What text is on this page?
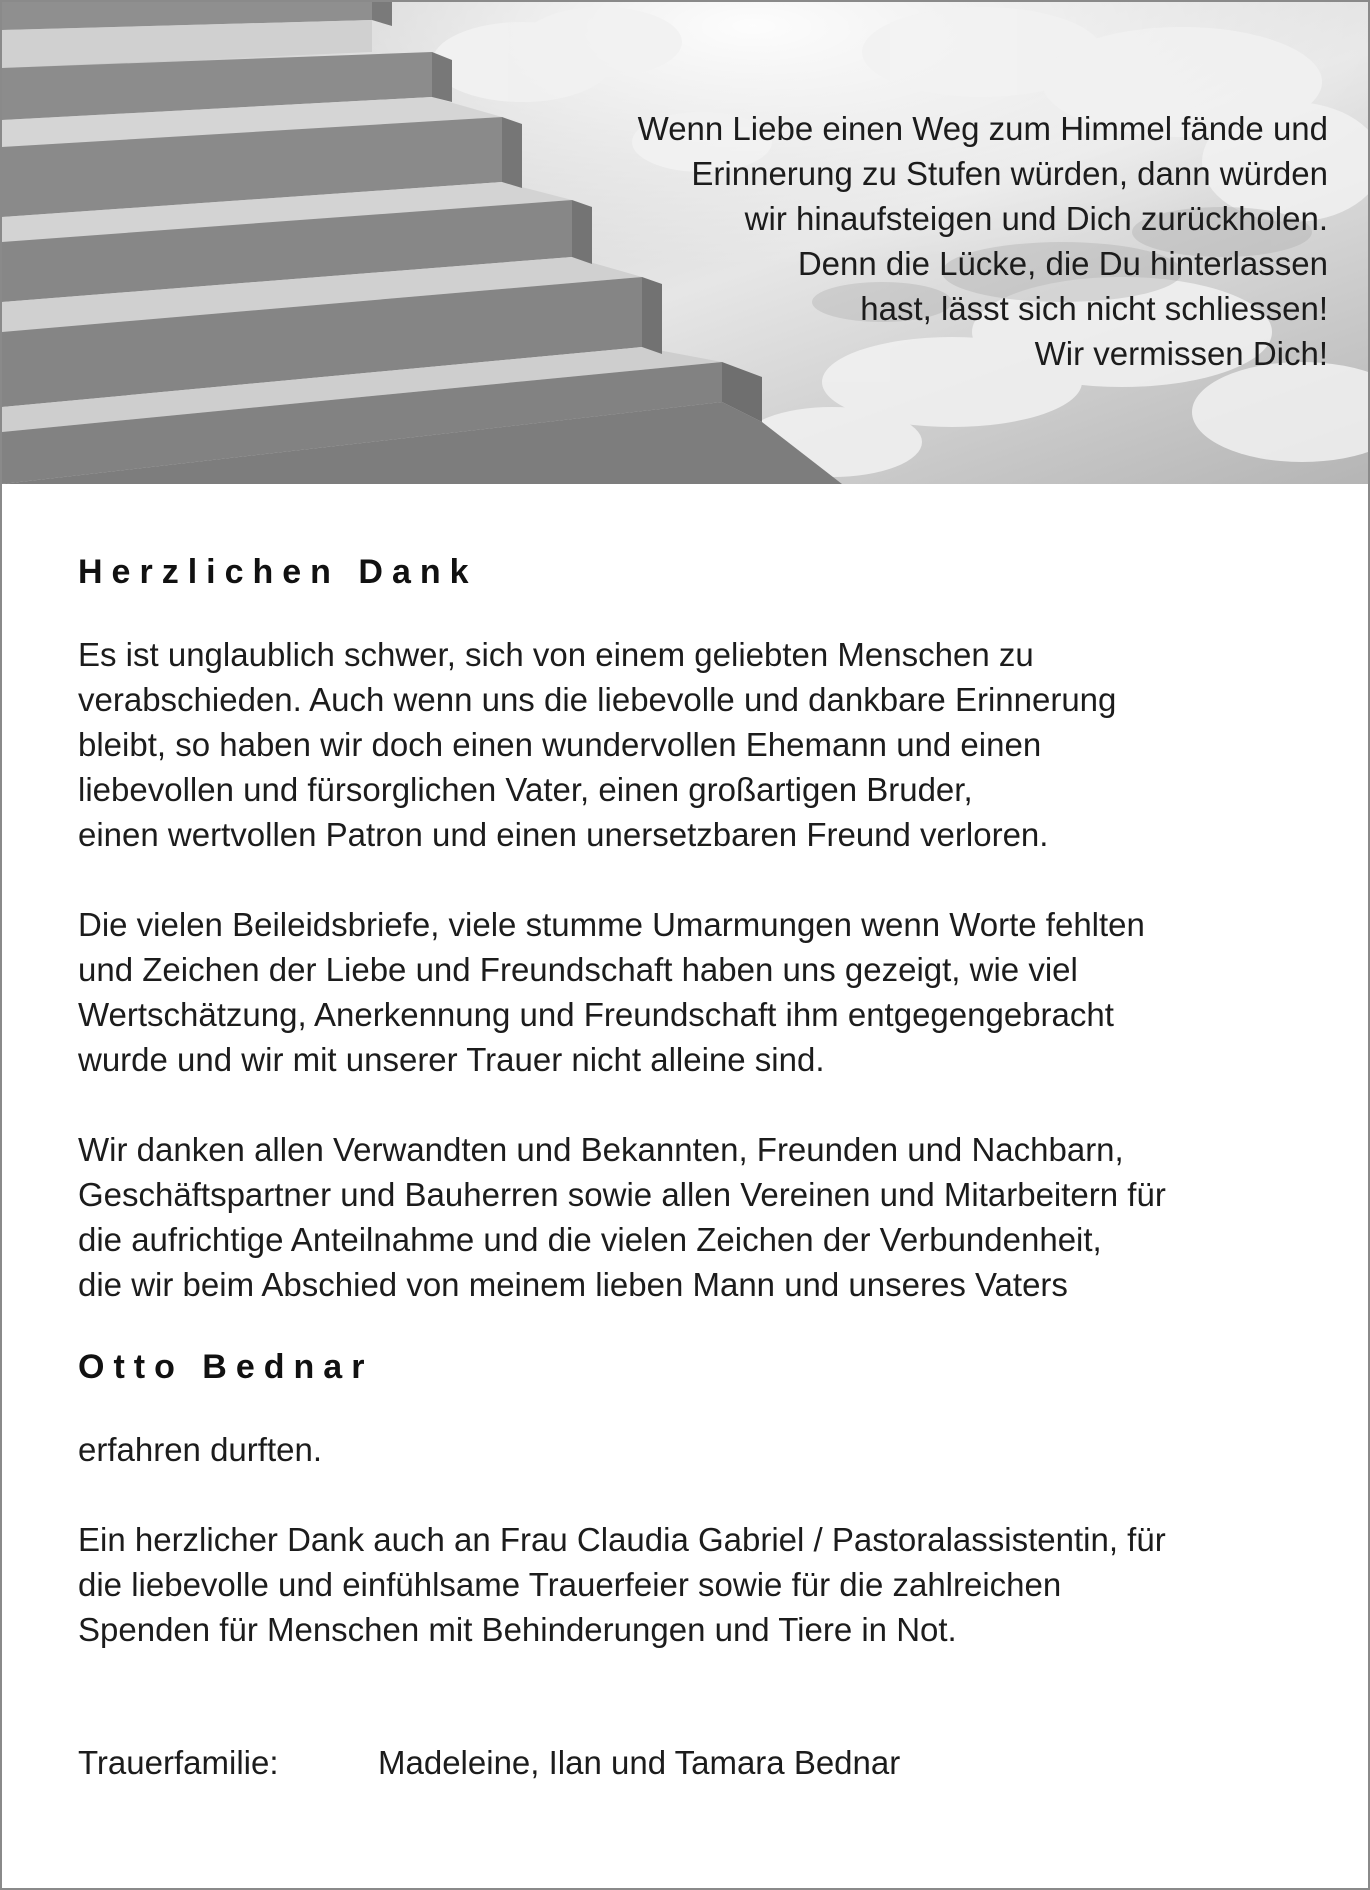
Wenn Liebe einen Weg zum Himmel fände und
Erinnerung zu Stufen würden, dann würden
wir hinaufsteigen und Dich zurückholen.
Denn die Lücke, die Du hinterlassen
hast, lässt sich nicht schliessen!
Wir vermissen Dich!

Herzlichen Dank

Es ist unglaublich schwer, sich von einem geliebten Menschen zu
verabschieden. Auch wenn uns die liebevolle und dankbare Erinnerung
bleibt, so haben wir doch einen wundervollen Ehemann und einen
liebevollen und fürsorglichen Vater, einen großartigen Bruder,
einen wertvollen Patron und einen unersetzbaren Freund verloren.

Die vielen Beileidsbriefe, viele stumme Umarmungen wenn Worte fehlten
und Zeichen der Liebe und Freundschaft haben uns gezeigt, wie viel
Wertschätzung, Anerkennung und Freundschaft ihm entgegengebracht
wurde und wir mit unserer Trauer nicht alleine sind.

Wir danken allen Verwandten und Bekannten, Freunden und Nachbarn,
Geschäftspartner und Bauherren sowie allen Vereinen und Mitarbeitern für
die aufrichtige Anteilnahme und die vielen Zeichen der Verbundenheit,
die wir beim Abschied von meinem lieben Mann und unseres Vaters

Otto Bednar

erfahren durften.

Ein herzlicher Dank auch an Frau Claudia Gabriel / Pastoralassistentin, für
die liebevolle und einfühlsame Trauerfeier sowie für die zahlreichen
Spenden für Menschen mit Behinderungen und Tiere in Not.

Trauerfamilie:	Madeleine, Ilan und Tamara Bednar
